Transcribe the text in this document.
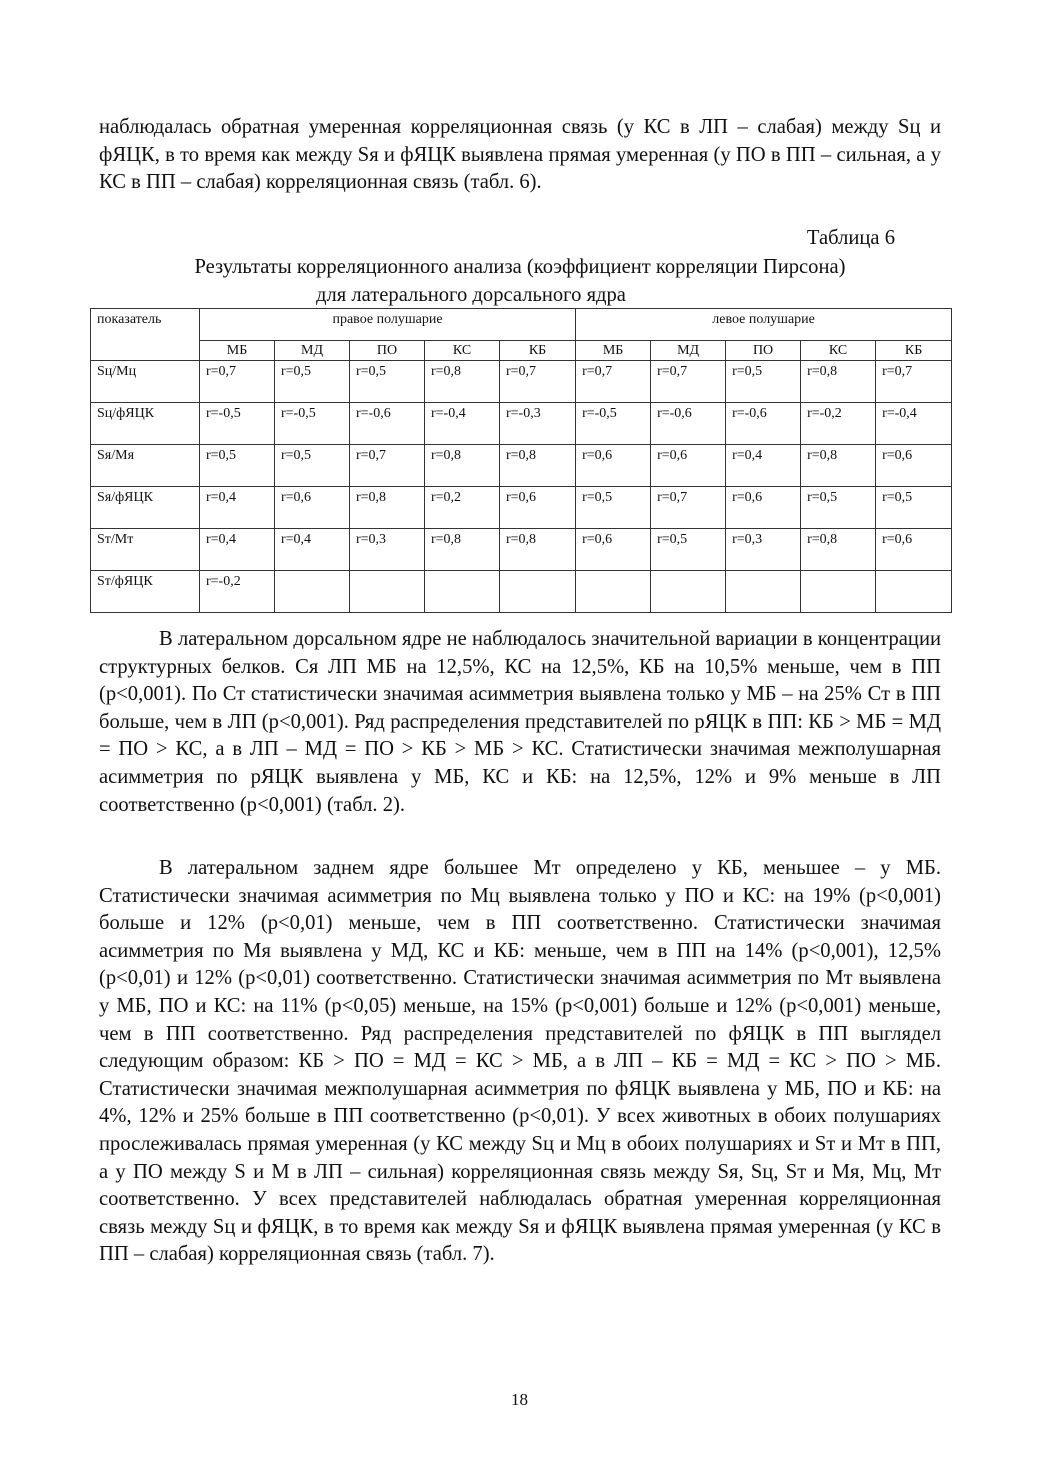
наблюдалась обратная умеренная корреляционная связь (у КС в ЛП – слабая) между Sц и фЯЦК, в то время как между Sя и фЯЦК выявлена прямая умеренная (у ПО в ПП – сильная, а у КС в ПП – слабая) корреляционная связь (табл. 6).

Таблица 6
Результаты корреляционного анализа (коэффициент корреляции Пирсона)
для латерального дорсального ядра
показатель	правое полушарие					левое полушарие				
	МБ	МД	ПО	КС	КБ	МБ	МД	ПО	КС	КБ
Sц/Мц	r=0,7	r=0,5	r=0,5	r=0,8	r=0,7	r=0,7	r=0,7	r=0,5	r=0,8	r=0,7
Sц/фЯЦК	r=-0,5	r=-0,5	r=-0,6	r=-0,4	r=-0,3	r=-0,5	r=-0,6	r=-0,6	r=-0,2	r=-0,4
Sя/Мя	r=0,5	r=0,5	r=0,7	r=0,8	r=0,8	r=0,6	r=0,6	r=0,4	r=0,8	r=0,6
Sя/фЯЦК	r=0,4	r=0,6	r=0,8	r=0,2	r=0,6	r=0,5	r=0,7	r=0,6	r=0,5	r=0,5
Sт/Мт	r=0,4	r=0,4	r=0,3	r=0,8	r=0,8	r=0,6	r=0,5	r=0,3	r=0,8	r=0,6
Sт/фЯЦК	r=-0,2									

В латеральном дорсальном ядре не наблюдалось значительной вариации в концентрации структурных белков. Ся ЛП МБ на 12,5%, КС на 12,5%, КБ на 10,5% меньше, чем в ПП (р<0,001). По Ст статистически значимая асимметрия выявлена только у МБ – на 25% Ст в ПП больше, чем в ЛП (р<0,001). Ряд распределения представителей по рЯЦК в ПП: КБ > МБ = МД = ПО > КС, а в ЛП – МД = ПО > КБ > МБ > КС. Статистически значимая межполушарная асимметрия по рЯЦК выявлена у МБ, КС и КБ: на 12,5%, 12% и 9% меньше в ЛП соответственно (р<0,001) (табл. 2).

В латеральном заднем ядре большее Мт определено у КБ, меньшее – у МБ. Статистически значимая асимметрия по Мц выявлена только у ПО и КС: на 19% (р<0,001) больше и 12% (р<0,01) меньше, чем в ПП соответственно. Статистически значимая асимметрия по Мя выявлена у МД, КС и КБ: меньше, чем в ПП на 14% (р<0,001), 12,5% (р<0,01) и 12% (р<0,01) соответственно. Статистически значимая асимметрия по Мт выявлена у МБ, ПО и КС: на 11% (р<0,05) меньше, на 15% (р<0,001) больше и 12% (р<0,001) меньше, чем в ПП соответственно. Ряд распределения представителей по фЯЦК в ПП выглядел следующим образом: КБ > ПО = МД = КС > МБ, а в ЛП – КБ = МД = КС > ПО > МБ. Статистически значимая межполушарная асимметрия по фЯЦК выявлена у МБ, ПО и КБ: на 4%, 12% и 25% больше в ПП соответственно (р<0,01). У всех животных в обоих полушариях прослеживалась прямая умеренная (у КС между Sц и Мц в обоих полушариях и Sт и Мт в ПП, а у ПО между S и М в ЛП – сильная) корреляционная связь между Sя, Sц, Sт и Мя, Мц, Мт соответственно. У всех представителей наблюдалась обратная умеренная корреляционная связь между Sц и фЯЦК, в то время как между Sя и фЯЦК выявлена прямая умеренная (у КС в ПП – слабая) корреляционная связь (табл. 7).

18
